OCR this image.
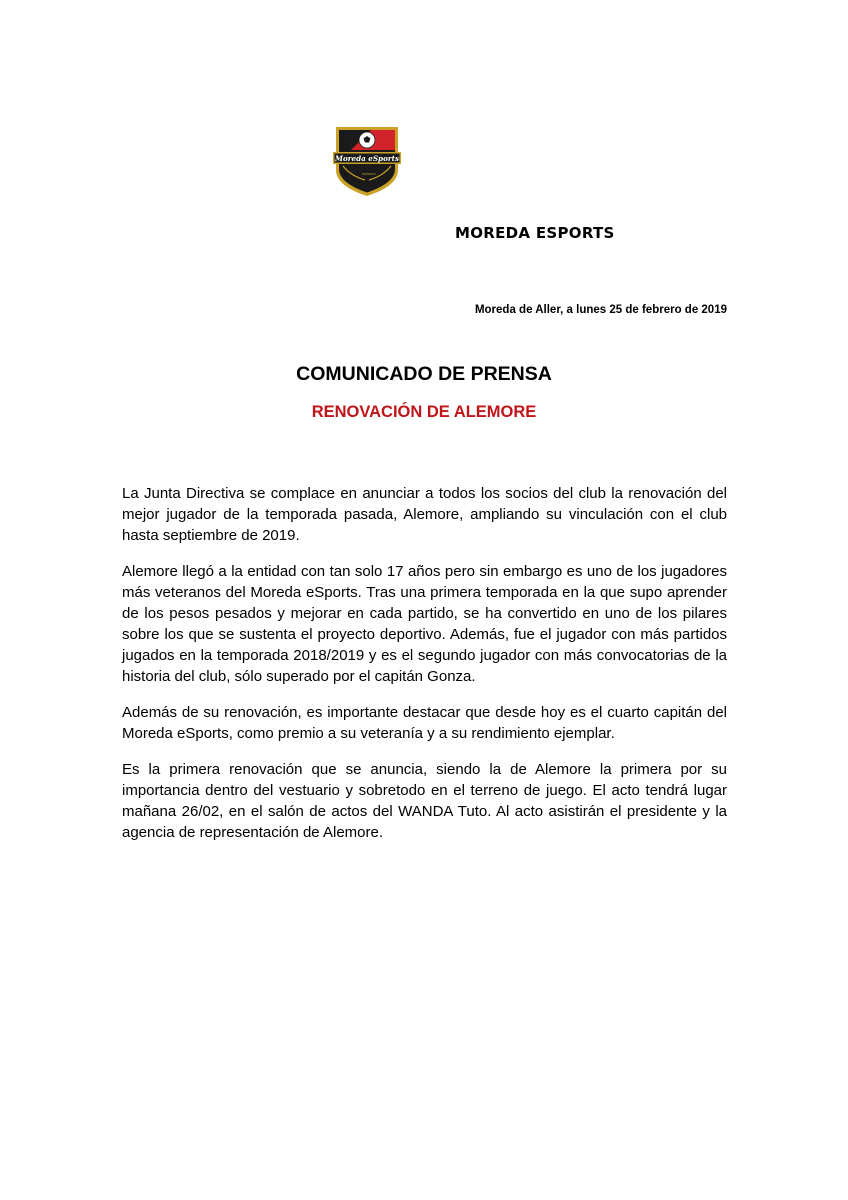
Moreda eSports
ESPORTS
MOREDA ESPORTS
Moreda de Aller, a lunes 25 de febrero de 2019
COMUNICADO DE PRENSA
RENOVACIÓN DE ALEMORE

La Junta Directiva se complace en anunciar a todos los socios del club la renovación del mejor jugador de la temporada pasada, Alemore, ampliando su vinculación con el club hasta septiembre de 2019.

Alemore llegó a la entidad con tan solo 17 años pero sin embargo es uno de los jugadores más veteranos del Moreda eSports. Tras una primera temporada en la que supo aprender de los pesos pesados y mejorar en cada partido, se ha convertido en uno de los pilares sobre los que se sustenta el proyecto deportivo. Además, fue el jugador con más partidos jugados en la temporada 2018/2019 y es el segundo jugador con más convocatorias de la historia del club, sólo superado por el capitán Gonza.

Además de su renovación, es importante destacar que desde hoy es el cuarto capitán del Moreda eSports, como premio a su veteranía y a su rendimiento ejemplar.

Es la primera renovación que se anuncia, siendo la de Alemore la primera por su importancia dentro del vestuario y sobretodo en el terreno de juego. El acto tendrá lugar mañana 26/02, en el salón de actos del WANDA Tuto. Al acto asistirán el presidente y la agencia de representación de Alemore.
